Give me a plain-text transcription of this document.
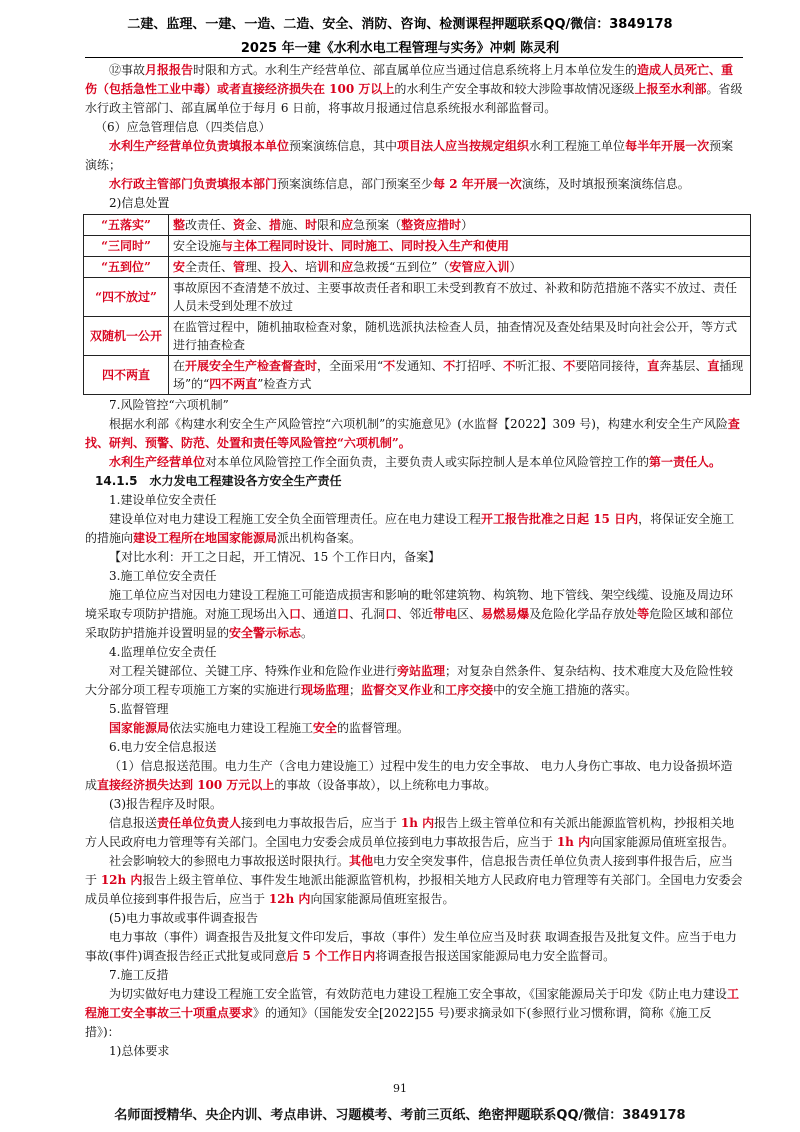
二建、监理、一建、一造、二造、安全、消防、咨询、检测课程押题联系QQ/微信：3849178
2025 年一建《水利水电工程管理与实务》冲刺 陈灵利

⑫事故月报报告时限和方式。水利生产经营单位、部直属单位应当通过信息系统将上月本单位发生的造成人员死亡、重伤（包括急性工业中毒）或者直接经济损失在 100 万以上的水利生产安全事故和较大涉险事故情况逐级上报至水利部。省级水行政主管部门、部直属单位于每月 6 日前，将事故月报通过信息系统报水利部监督司。

（6）应急管理信息（四类信息）

水利生产经营单位负责填报本单位预案演练信息，其中项目法人应当按规定组织水利工程施工单位每半年开展一次预案演练；

水行政主管部门负责填报本部门预案演练信息，部门预案至少每 2 年开展一次演练，及时填报预案演练信息。

2)信息处置

“五落实”	整改责任、资金、措施、时限和应急预案（整资应措时）
“三同时”	安全设施与主体工程同时设计、同时施工、同时投入生产和使用
“五到位”	安全责任、管理、投入、培训和应急救援“五到位”（安管应入训）
“四不放过”	事故原因不查清楚不放过、主要事故责任者和职工未受到教育不放过、补救和防范措施不落实不放过、责任人员未受到处理不放过
双随机一公开	在监管过程中，随机抽取检查对象，随机选派执法检查人员，抽查情况及查处结果及时向社会公开，等方式进行抽查检查
四不两直	在开展安全生产检查督查时，全面采用“不发通知、不打招呼、不听汇报、不要陪同接待，直奔基层、直插现场”的“四不两直”检查方式

7.风险管控“六项机制”

根据水利部《构建水利安全生产风险管控“六项机制”的实施意见》(水监督【2022】309 号)，构建水利安全生产风险查找、研判、预警、防范、处置和责任等风险管控“六项机制”。

水利生产经营单位对本单位风险管控工作全面负责，主要负责人或实际控制人是本单位风险管控工作的第一责任人。

14.1.5　水力发电工程建设各方安全生产责任

1.建设单位安全责任

建设单位对电力建设工程施工安全负全面管理责任。应在电力建设工程开工报告批准之日起 15 日内，将保证安全施工的措施向建设工程所在地国家能源局派出机构备案。

【对比水利：开工之日起，开工情况、15 个工作日内，备案】

3.施工单位安全责任

施工单位应当对因电力建设工程施工可能造成损害和影响的毗邻建筑物、构筑物、地下管线、架空线缆、设施及周边环境采取专项防护措施。对施工现场出入口、通道口、孔洞口、邻近带电区、易燃易爆及危险化学品存放处等危险区域和部位采取防护措施并设置明显的安全警示标志。

4.监理单位安全责任

对工程关键部位、关键工序、特殊作业和危险作业进行旁站监理；对复杂自然条件、复杂结构、技术难度大及危险性较大分部分项工程专项施工方案的实施进行现场监理；监督交叉作业和工序交接中的安全施工措施的落实。

5.监督管理

国家能源局依法实施电力建设工程施工安全的监督管理。

6.电力安全信息报送

（1）信息报送范围。电力生产（含电力建设施工）过程中发生的电力安全事故、 电力人身伤亡事故、电力设备损坏造成直接经济损失达到 100 万元以上的事故（设备事故），以上统称电力事故。

(3)报告程序及时限。

信息报送责任单位负责人接到电力事故报告后，应当于 1h 内报告上级主管单位和有关派出能源监管机构，抄报相关地方人民政府电力管理等有关部门。全国电力安委会成员单位接到电力事故报告后，应当于 1h 内向国家能源局值班室报告。

社会影响较大的参照电力事故报送时限执行。其他电力安全突发事件，信息报告责任单位负责人接到事件报告后，应当于 12h 内报告上级主管单位、事件发生地派出能源监管机构，抄报相关地方人民政府电力管理等有关部门。全国电力安委会成员单位接到事件报告后，应当于 12h 内向国家能源局值班室报告。

(5)电力事故或事件调查报告

电力事故（事件）调查报告及批复文件印发后，事故（事件）发生单位应当及时获 取调查报告及批复文件。应当于电力事故(事件)调查报告经正式批复或同意后 5 个工作日内将调查报告报送国家能源局电力安全监督司。

7.施工反措

为切实做好电力建设工程施工安全监管，有效防范电力建设工程施工安全事故，《国家能源局关于印发《防止电力建设工程施工安全事故三十项重点要求》的通知》（国能发安全[2022]55 号)要求摘录如下(参照行业习惯称谓，简称《施工反措》)：

1)总体要求

91
名师面授精华、央企内训、考点串讲、习题模考、考前三页纸、绝密押题联系QQ/微信：3849178
